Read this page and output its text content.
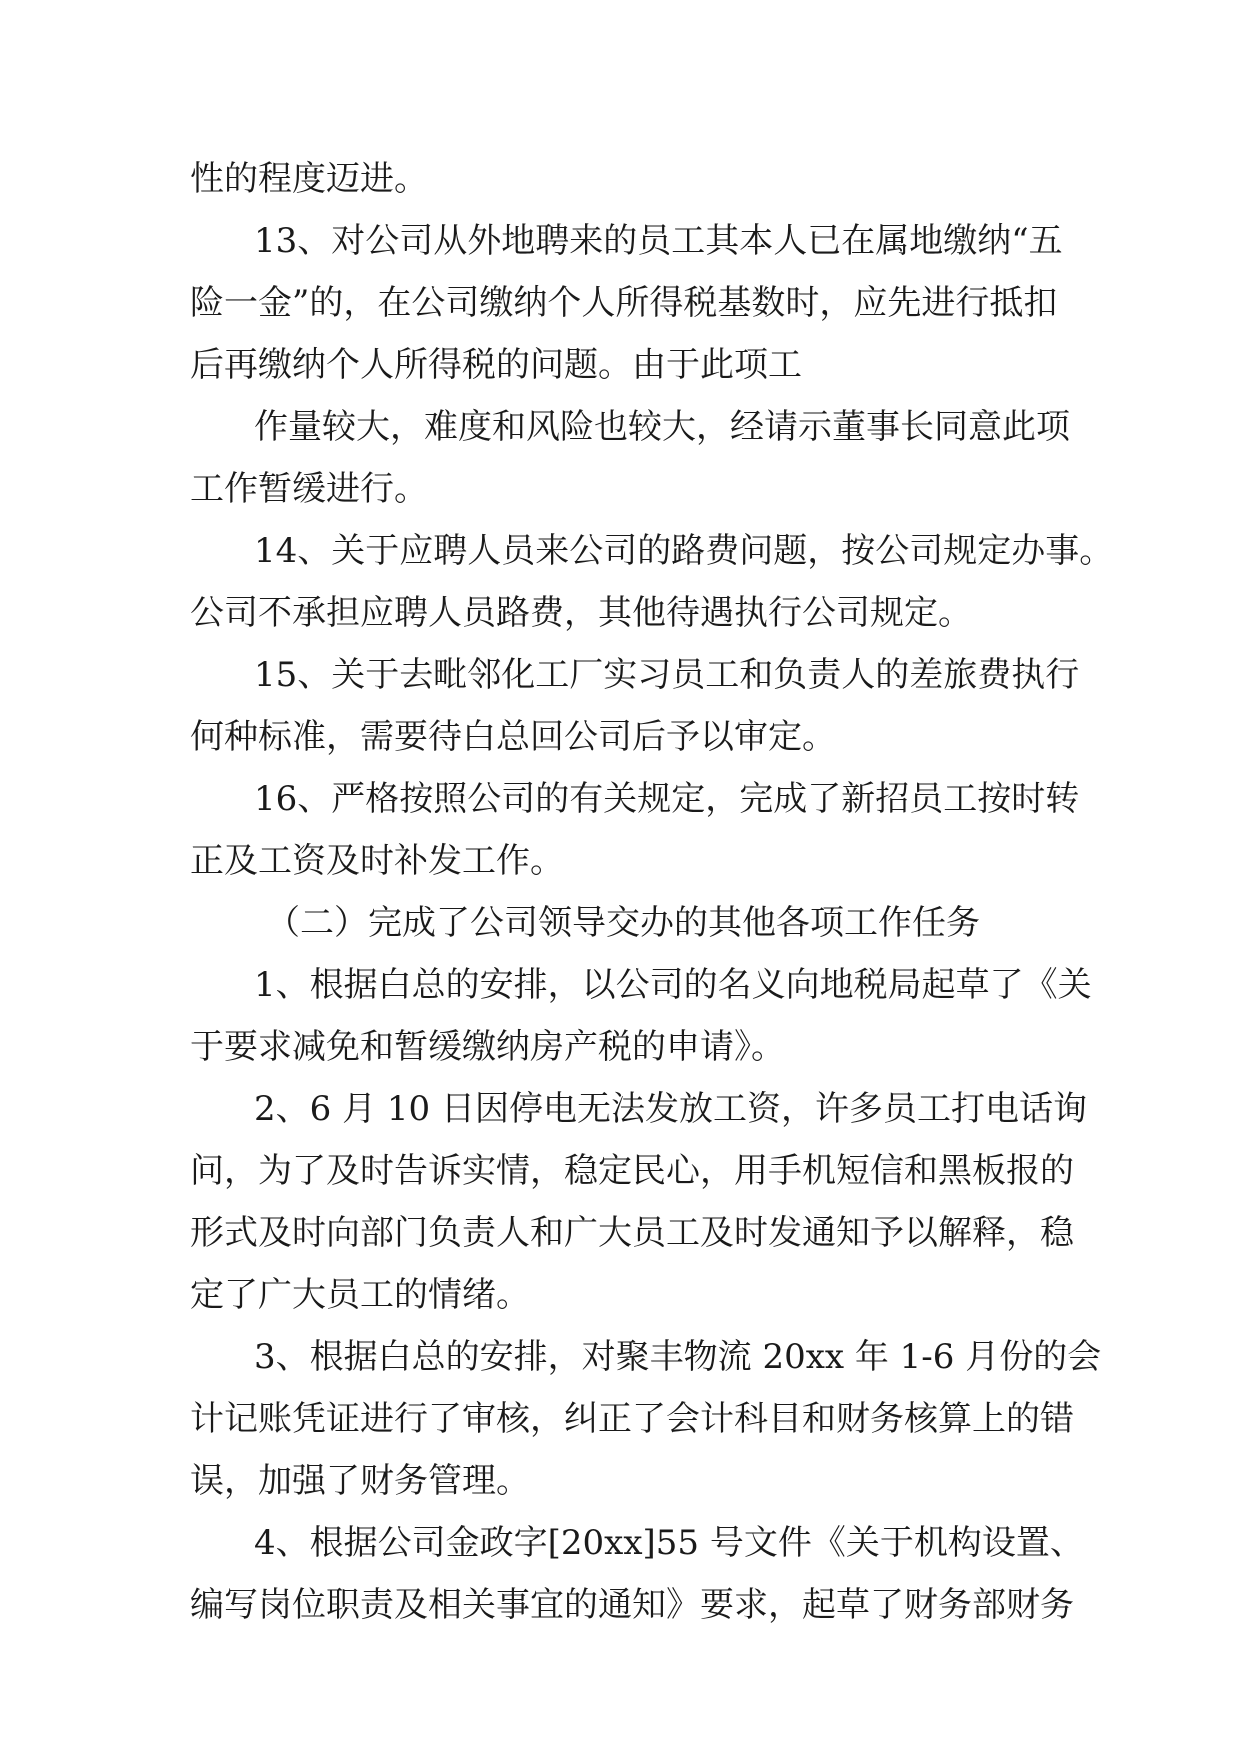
性的程度迈进。
13、对公司从外地聘来的员工其本人已在属地缴纳“五
险一金”的，在公司缴纳个人所得税基数时，应先进行抵扣
后再缴纳个人所得税的问题。由于此项工
作量较大，难度和风险也较大，经请示董事长同意此项
工作暂缓进行。
14、关于应聘人员来公司的路费问题，按公司规定办事。
公司不承担应聘人员路费，其他待遇执行公司规定。
15、关于去毗邻化工厂实习员工和负责人的差旅费执行
何种标准，需要待白总回公司后予以审定。
16、严格按照公司的有关规定，完成了新招员工按时转
正及工资及时补发工作。
（二）完成了公司领导交办的其他各项工作任务
1、根据白总的安排，以公司的名义向地税局起草了《关
于要求减免和暂缓缴纳房产税的申请》。
2、6 月 10 日因停电无法发放工资，许多员工打电话询
问，为了及时告诉实情，稳定民心，用手机短信和黑板报的
形式及时向部门负责人和广大员工及时发通知予以解释，稳
定了广大员工的情绪。
3、根据白总的安排，对聚丰物流 20xx 年 1-6 月份的会
计记账凭证进行了审核，纠正了会计科目和财务核算上的错
误，加强了财务管理。
4、根据公司金政字[20xx]55 号文件《关于机构设置、
编写岗位职责及相关事宜的通知》要求，起草了财务部财务
